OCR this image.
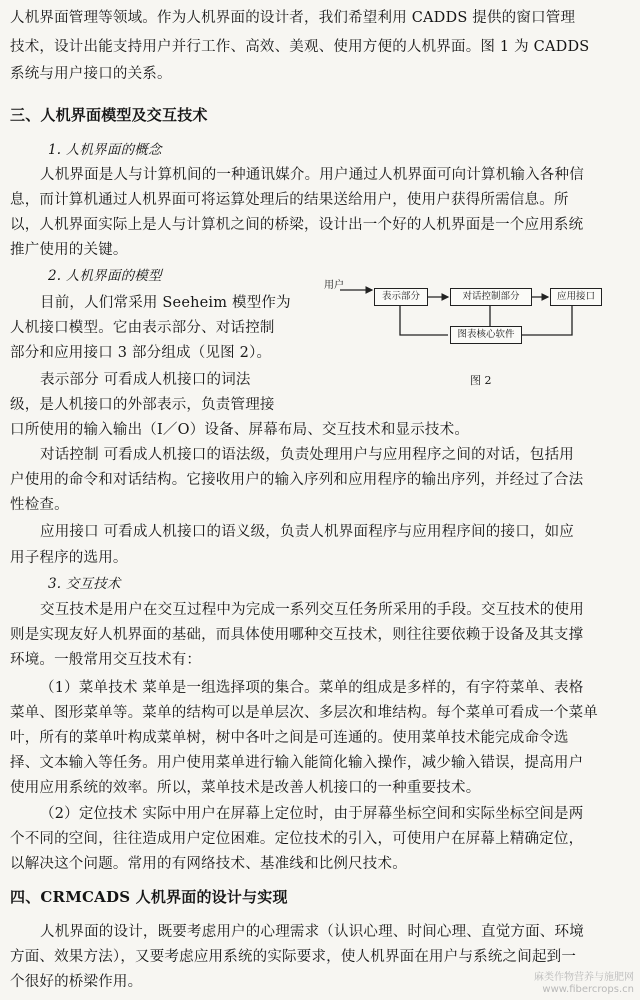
人机界面管理等领域。作为人机界面的设计者，我们希望利用 CADDS 提供的窗口管理
技术，设计出能支持用户并行工作、高效、美观、使用方便的人机界面。图 1 为 CADDS
系统与用户接口的关系。
三、人机界面模型及交互技术
1. 人机界面的概念
人机界面是人与计算机间的一种通讯媒介。用户通过人机界面可向计算机输入各种信
息，而计算机通过人机界面可将运算处理后的结果送给用户，使用户获得所需信息。所
以，人机界面实际上是人与计算机之间的桥梁，设计出一个好的人机界面是一个应用系统
推广使用的关键。
2. 人机界面的模型
目前，人们常采用 Seeheim 模型作为
人机接口模型。它由表示部分、对话控制
部分和应用接口 3 部分组成（见图 2）。
表示部分 可看成人机接口的词法
级，是人机接口的外部表示，负责管理接
口所使用的输入输出（I／O）设备、屏幕布局、交互技术和显示技术。
对话控制 可看成人机接口的语法级，负责处理用户与应用程序之间的对话，包括用
户使用的命令和对话结构。它接收用户的输入序列和应用程序的输出序列，并经过了合法
性检查。
应用接口 可看成人机接口的语义级，负责人机界面程序与应用程序间的接口，如应
用子程序的选用。
3. 交互技术
交互技术是用户在交互过程中为完成一系列交互任务所采用的手段。交互技术的使用
则是实现友好人机界面的基础，而具体使用哪种交互技术，则往往要依赖于设备及其支撑
环境。一般常用交互技术有：
（1）菜单技术 菜单是一组选择项的集合。菜单的组成是多样的，有字符菜单、表格
菜单、图形菜单等。菜单的结构可以是单层次、多层次和堆结构。每个菜单可看成一个菜单
叶，所有的菜单叶构成菜单树，树中各叶之间是可连通的。使用菜单技术能完成命令选
择、文本输入等任务。用户使用菜单进行输入能简化输入操作，减少输入错误，提高用户
使用应用系统的效率。所以，菜单技术是改善人机接口的一种重要技术。
（2）定位技术 实际中用户在屏幕上定位时，由于屏幕坐标空间和实际坐标空间是两
个不同的空间，往往造成用户定位困难。定位技术的引入，可使用户在屏幕上精确定位，
以解决这个问题。常用的有网络技术、基准线和比例尺技术。
四、CRMCADS 人机界面的设计与实现
人机界面的设计，既要考虑用户的心理需求（认识心理、时间心理、直觉方面、环境
方面、效果方法），又要考虑应用系统的实际要求，使人机界面在用户与系统之间起到一
个很好的桥梁作用。
用户
表示部分	对话控制部分	应用接口
图表核心软件
图 2
麻类作物营养与施肥网
www.fibercrops.cn
